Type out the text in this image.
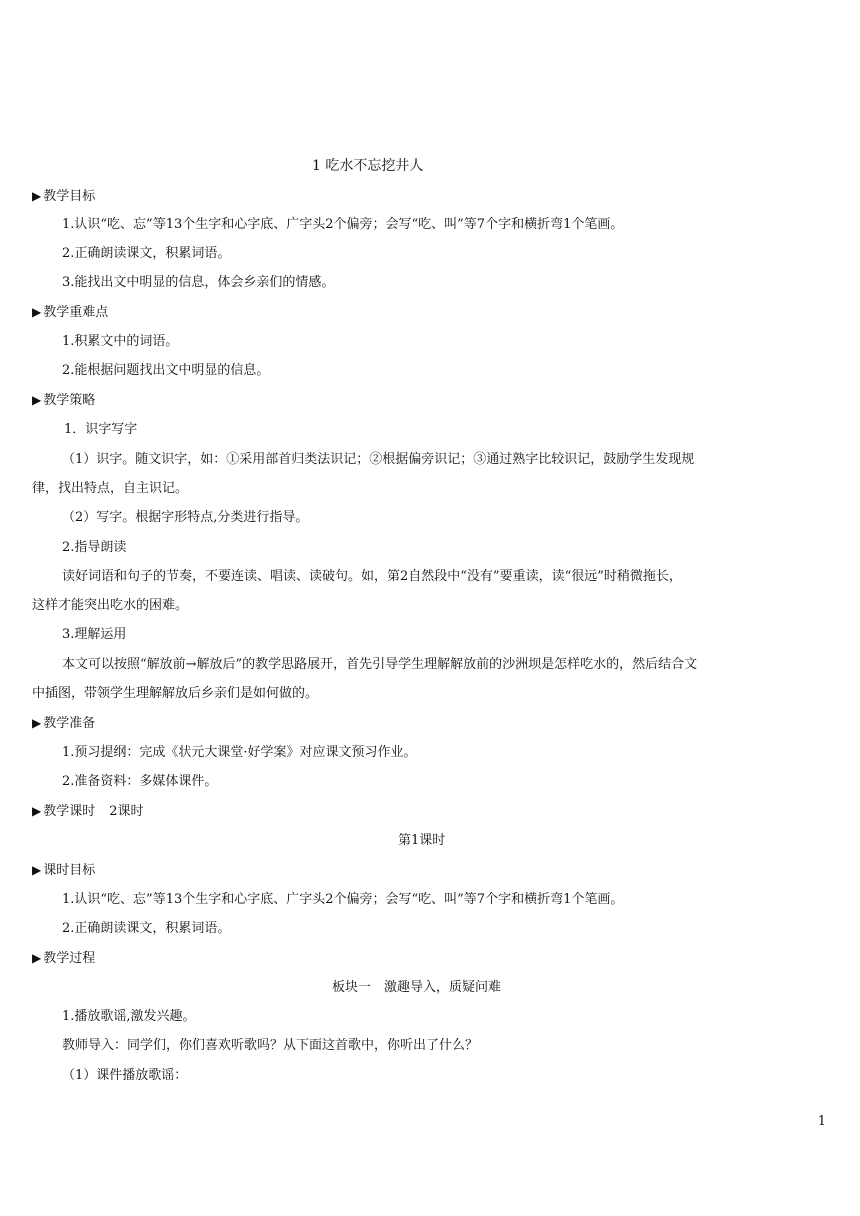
1 吃水不忘挖井人
▶ 教学目标
1.认识“吃、忘”等13个生字和心字底、广字头2个偏旁；会写“吃、叫”等7个字和横折弯1个笔画。
2.正确朗读课文，积累词语。
3.能找出文中明显的信息，体会乡亲们的情感。
▶ 教学重难点
1.积累文中的词语。
2.能根据问题找出文中明显的信息。
▶ 教学策略
1．识字写字
（1）识字。随文识字，如：①采用部首归类法识记；②根据偏旁识记；③通过熟字比较识记，鼓励学生发现规
律，找出特点，自主识记。
（2）写字。根据字形特点,分类进行指导。
2.指导朗读
读好词语和句子的节奏，不要连读、唱读、读破句。如，第2自然段中“没有”要重读，读“很远”时稍微拖长，
这样才能突出吃水的困难。
3.理解运用
本文可以按照“解放前→解放后”的教学思路展开，首先引导学生理解解放前的沙洲坝是怎样吃水的，然后结合文
中插图，带领学生理解解放后乡亲们是如何做的。
▶ 教学准备
1.预习提纲：完成《状元大课堂·好学案》对应课文预习作业。
2.准备资料：多媒体课件。
▶ 教学课时 2课时
第1课时
▶ 课时目标
1.认识“吃、忘”等13个生字和心字底、广字头2个偏旁；会写“吃、叫”等7个字和横折弯1个笔画。
2.正确朗读课文，积累词语。
▶ 教学过程
板块一　激趣导入，质疑问难
1.播放歌谣,激发兴趣。
教师导入：同学们，你们喜欢听歌吗？从下面这首歌中，你听出了什么？
（1）课件播放歌谣：
1
